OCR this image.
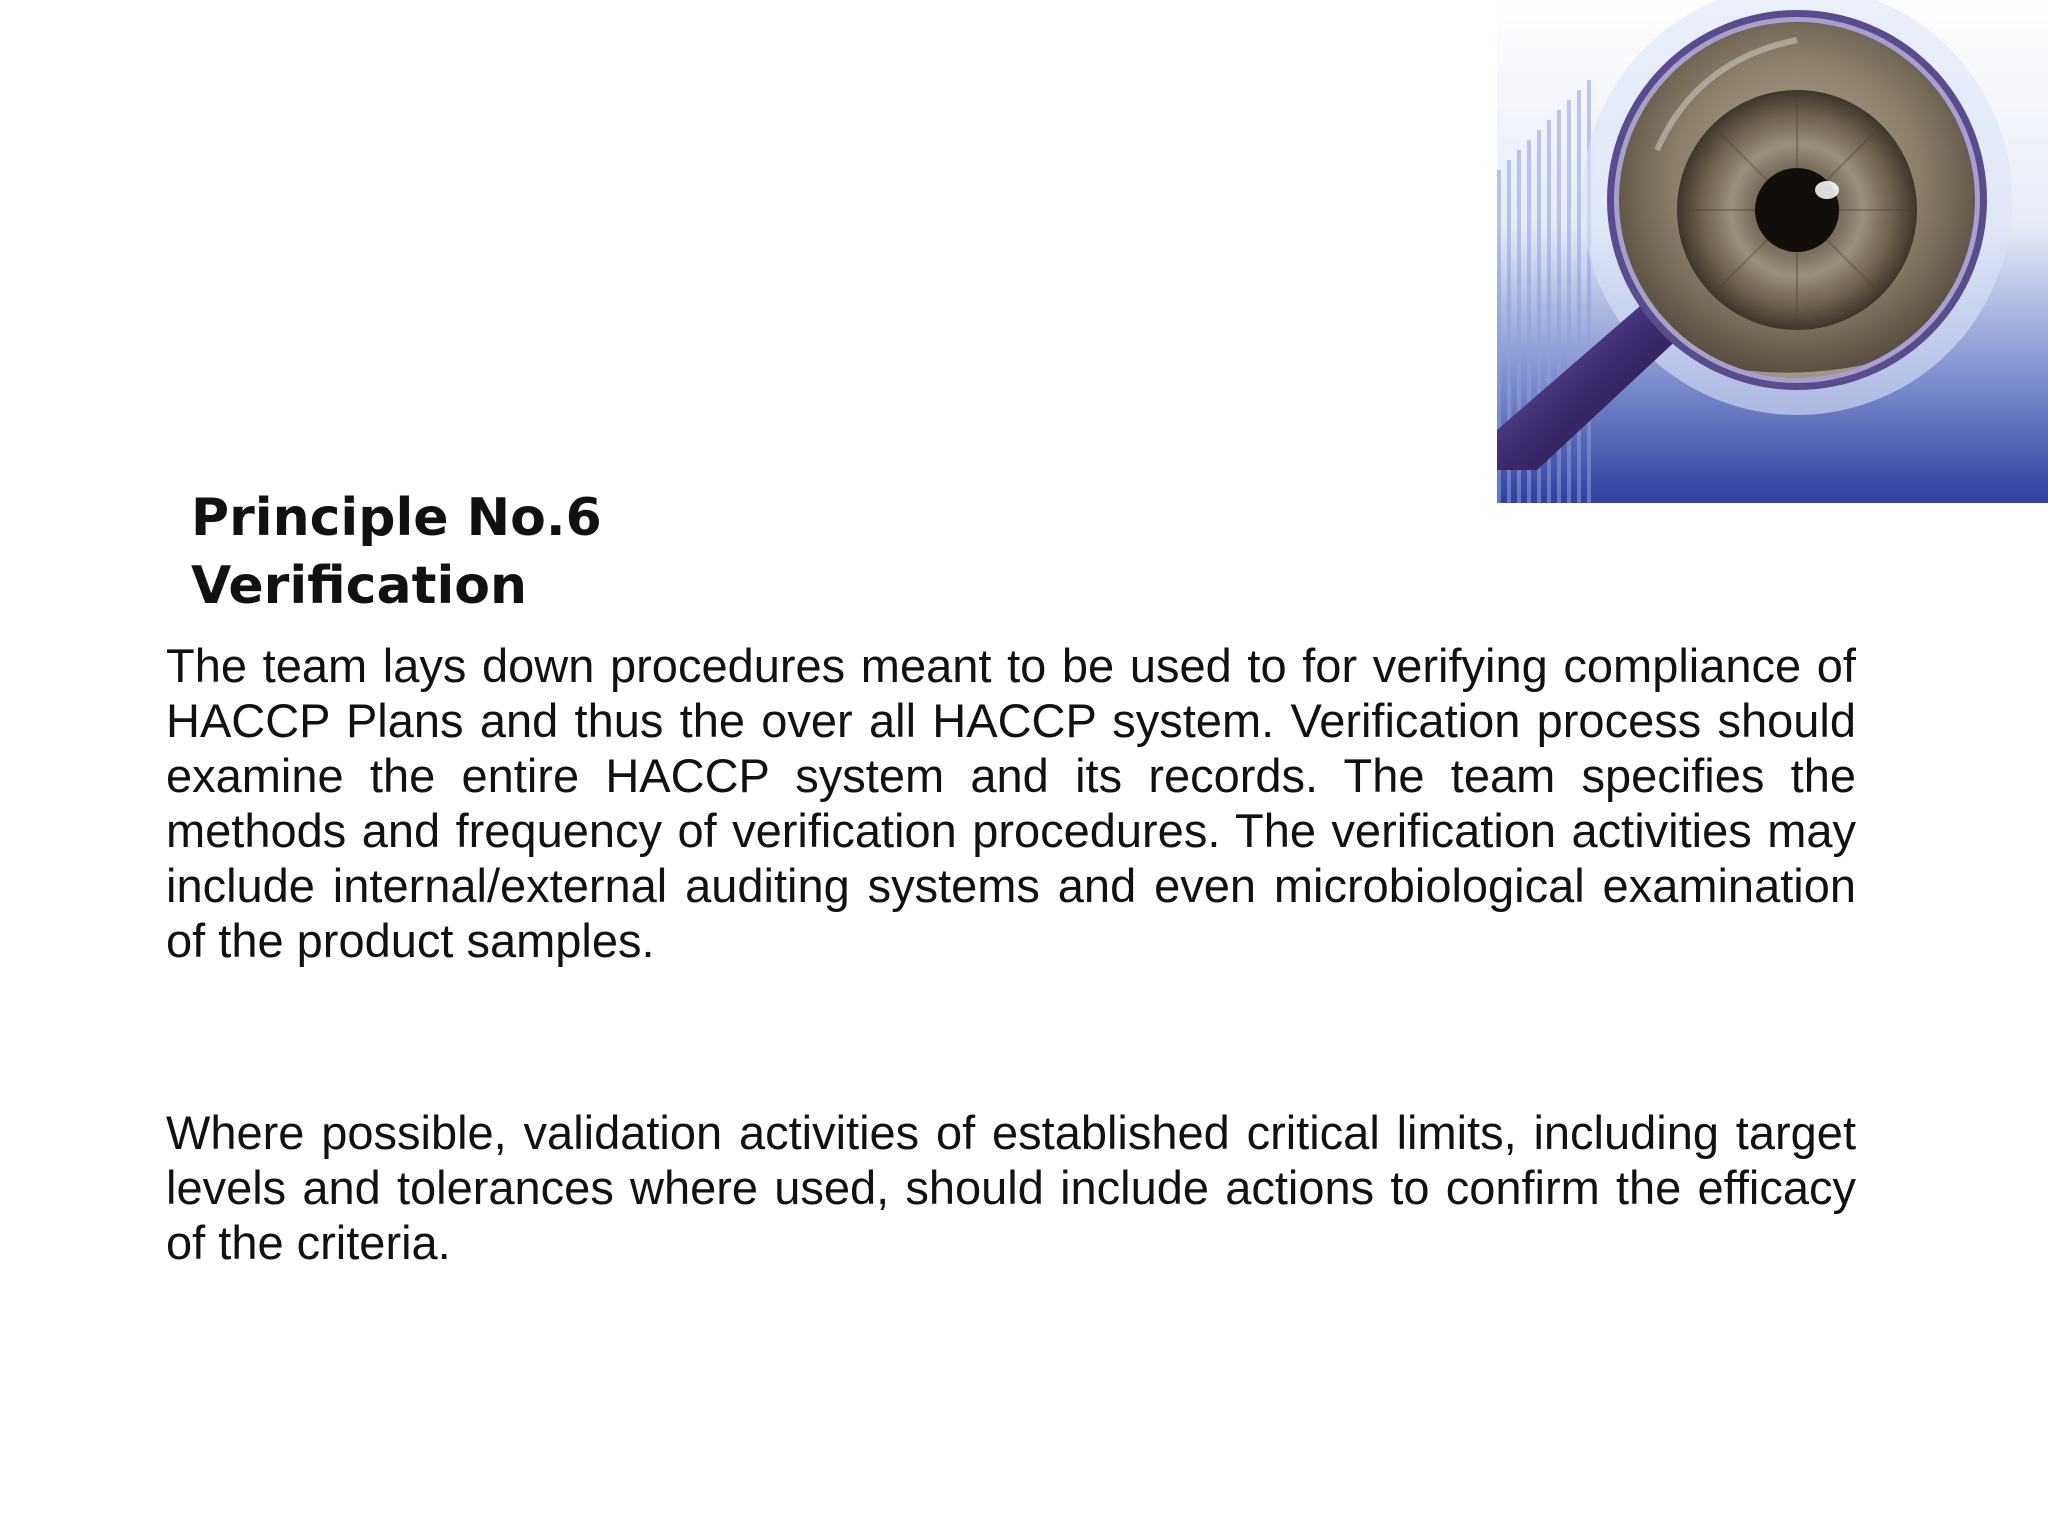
Principle No.6
Verification

The team lays down procedures meant to be used to for verifying compliance of HACCP Plans and thus the over all HACCP system. Verification process should examine the entire HACCP system and its records. The team specifies the methods and frequency of verification procedures. The verification activities may include internal/external auditing systems and even microbiological examination of the product samples.

Where possible, validation activities of established critical limits, including target levels and tolerances where used, should include actions to confirm the efficacy of the criteria.
